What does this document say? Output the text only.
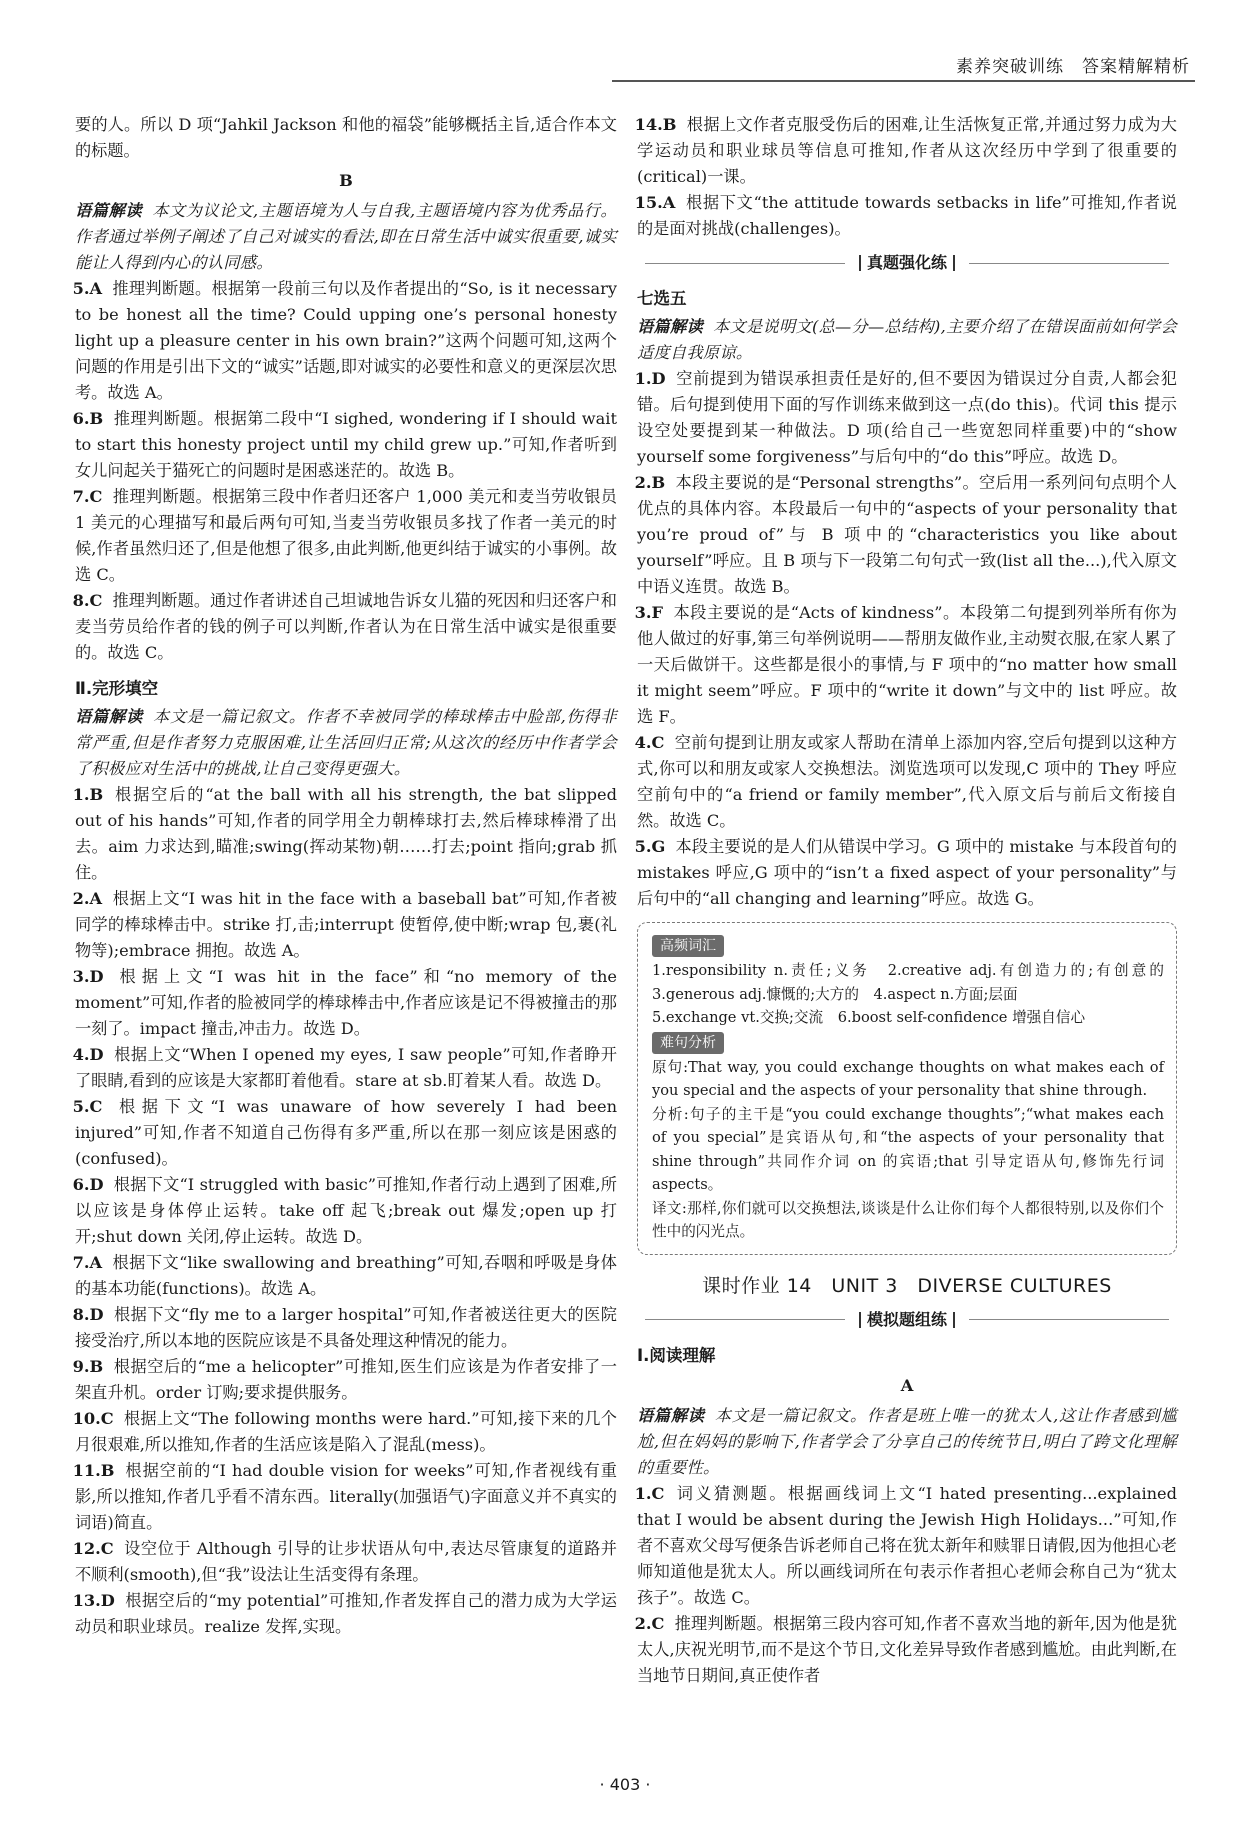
素养突破训练　答案精解精析

要的人。所以 D 项“Jahkil Jackson 和他的福袋”能够概括主旨,适合作本文的标题。

B

语篇解读 本文为议论文,主题语境为人与自我,主题语境内容为优秀品行。作者通过举例子阐述了自己对诚实的看法,即在日常生活中诚实很重要,诚实能让人得到内心的认同感。

5.A 推理判断题。根据第一段前三句以及作者提出的“So, is it necessary to be honest all the time? Could upping one’s personal honesty light up a pleasure center in his own brain?”这两个问题可知,这两个问题的作用是引出下文的“诚实”话题,即对诚实的必要性和意义的更深层次思考。故选 A。

6.B 推理判断题。根据第二段中“I sighed, wondering if I should wait to start this honesty project until my child grew up.”可知,作者听到女儿问起关于猫死亡的问题时是困惑迷茫的。故选 B。

7.C 推理判断题。根据第三段中作者归还客户 1,000 美元和麦当劳收银员 1 美元的心理描写和最后两句可知,当麦当劳收银员多找了作者一美元的时候,作者虽然归还了,但是他想了很多,由此判断,他更纠结于诚实的小事例。故选 C。

8.C 推理判断题。通过作者讲述自己坦诚地告诉女儿猫的死因和归还客户和麦当劳员给作者的钱的例子可以判断,作者认为在日常生活中诚实是很重要的。故选 C。

Ⅱ.完形填空

语篇解读 本文是一篇记叙文。作者不幸被同学的棒球棒击中脸部,伤得非常严重,但是作者努力克服困难,让生活回归正常;从这次的经历中作者学会了积极应对生活中的挑战,让自己变得更强大。

1.B 根据空后的“at the ball with all his strength, the bat slipped out of his hands”可知,作者的同学用全力朝棒球打去,然后棒球棒滑了出去。aim 力求达到,瞄准;swing(挥动某物)朝……打去;point 指向;grab 抓住。

2.A 根据上文“I was hit in the face with a baseball bat”可知,作者被同学的棒球棒击中。strike 打,击;interrupt 使暂停,使中断;wrap 包,裹(礼物等);embrace 拥抱。故选 A。

3.D 根据上文“I was hit in the face”和“no memory of the moment”可知,作者的脸被同学的棒球棒击中,作者应该是记不得被撞击的那一刻了。impact 撞击,冲击力。故选 D。

4.D 根据上文“When I opened my eyes, I saw people”可知,作者睁开了眼睛,看到的应该是大家都盯着他看。stare at sb.盯着某人看。故选 D。

5.C 根据下文“I was unaware of how severely I had been injured”可知,作者不知道自己伤得有多严重,所以在那一刻应该是困惑的(confused)。

6.D 根据下文“I struggled with basic”可推知,作者行动上遇到了困难,所以应该是身体停止运转。take off 起飞;break out 爆发;open up 打开;shut down 关闭,停止运转。故选 D。

7.A 根据下文“like swallowing and breathing”可知,吞咽和呼吸是身体的基本功能(functions)。故选 A。

8.D 根据下文“fly me to a larger hospital”可知,作者被送往更大的医院接受治疗,所以本地的医院应该是不具备处理这种情况的能力。

9.B 根据空后的“me a helicopter”可推知,医生们应该是为作者安排了一架直升机。order 订购;要求提供服务。

10.C 根据上文“The following months were hard.”可知,接下来的几个月很艰难,所以推知,作者的生活应该是陷入了混乱(mess)。

11.B 根据空前的“I had double vision for weeks”可知,作者视线有重影,所以推知,作者几乎看不清东西。literally(加强语气)字面意义并不真实的词语)简直。

12.C 设空位于 Although 引导的让步状语从句中,表达尽管康复的道路并不顺利(smooth),但“我”设法让生活变得有条理。

13.D 根据空后的“my potential”可推知,作者发挥自己的潜力成为大学运动员和职业球员。realize 发挥,实现。

14.B 根据上文作者克服受伤后的困难,让生活恢复正常,并通过努力成为大学运动员和职业球员等信息可推知,作者从这次经历中学到了很重要的(critical)一课。

15.A 根据下文“the attitude towards setbacks in life”可推知,作者说的是面对挑战(challenges)。

真题强化练

七选五

语篇解读 本文是说明文(总—分—总结构),主要介绍了在错误面前如何学会适度自我原谅。

1.D 空前提到为错误承担责任是好的,但不要因为错误过分自责,人都会犯错。后句提到使用下面的写作训练来做到这一点(do this)。代词 this 提示设空处要提到某一种做法。D 项(给自己一些宽恕同样重要)中的“show yourself some forgiveness”与后句中的“do this”呼应。故选 D。

2.B 本段主要说的是“Personal strengths”。空后用一系列问句点明个人优点的具体内容。本段最后一句中的“aspects of your personality that you’re proud of”与 B 项中的“characteristics you like about yourself”呼应。且 B 项与下一段第二句句式一致(list all the...),代入原文中语义连贯。故选 B。

3.F 本段主要说的是“Acts of kindness”。本段第二句提到列举所有你为他人做过的好事,第三句举例说明——帮朋友做作业,主动熨衣服,在家人累了一天后做饼干。这些都是很小的事情,与 F 项中的“no matter how small it might seem”呼应。F 项中的“write it down”与文中的 list 呼应。故选 F。

4.C 空前句提到让朋友或家人帮助在清单上添加内容,空后句提到以这种方式,你可以和朋友或家人交换想法。浏览选项可以发现,C 项中的 They 呼应空前句中的“a friend or family member”,代入原文后与前后文衔接自然。故选 C。

5.G 本段主要说的是人们从错误中学习。G 项中的 mistake 与本段首句的 mistakes 呼应,G 项中的“isn’t a fixed aspect of your personality”与后句中的“all changing and learning”呼应。故选 G。

高频词汇

1.responsibility n.责任;义务　2.creative adj.有创造力的;有创意的　3.generous adj.慷慨的;大方的　4.aspect n.方面;层面

5.exchange vt.交换;交流　6.boost self-confidence 增强自信心

难句分析

原句:That way, you could exchange thoughts on what makes each of you special and the aspects of your personality that shine through.

分析:句子的主干是“you could exchange thoughts”;“what makes each of you special”是宾语从句,和“the aspects of your personality that shine through”共同作介词 on 的宾语;that 引导定语从句,修饰先行词 aspects。

译文:那样,你们就可以交换想法,谈谈是什么让你们每个人都很特别,以及你们个性中的闪光点。

课时作业 14　UNIT 3　DIVERSE CULTURES

模拟题组练

Ⅰ.阅读理解

A

语篇解读 本文是一篇记叙文。作者是班上唯一的犹太人,这让作者感到尴尬,但在妈妈的影响下,作者学会了分享自己的传统节日,明白了跨文化理解的重要性。

1.C 词义猜测题。根据画线词上文“I hated presenting...explained that I would be absent during the Jewish High Holidays...”可知,作者不喜欢父母写便条告诉老师自己将在犹太新年和赎罪日请假,因为他担心老师知道他是犹太人。所以画线词所在句表示作者担心老师会称自己为“犹太孩子”。故选 C。

2.C 推理判断题。根据第三段内容可知,作者不喜欢当地的新年,因为他是犹太人,庆祝光明节,而不是这个节日,文化差异导致作者感到尴尬。由此判断,在当地节日期间,真正使作者

· 403 ·
